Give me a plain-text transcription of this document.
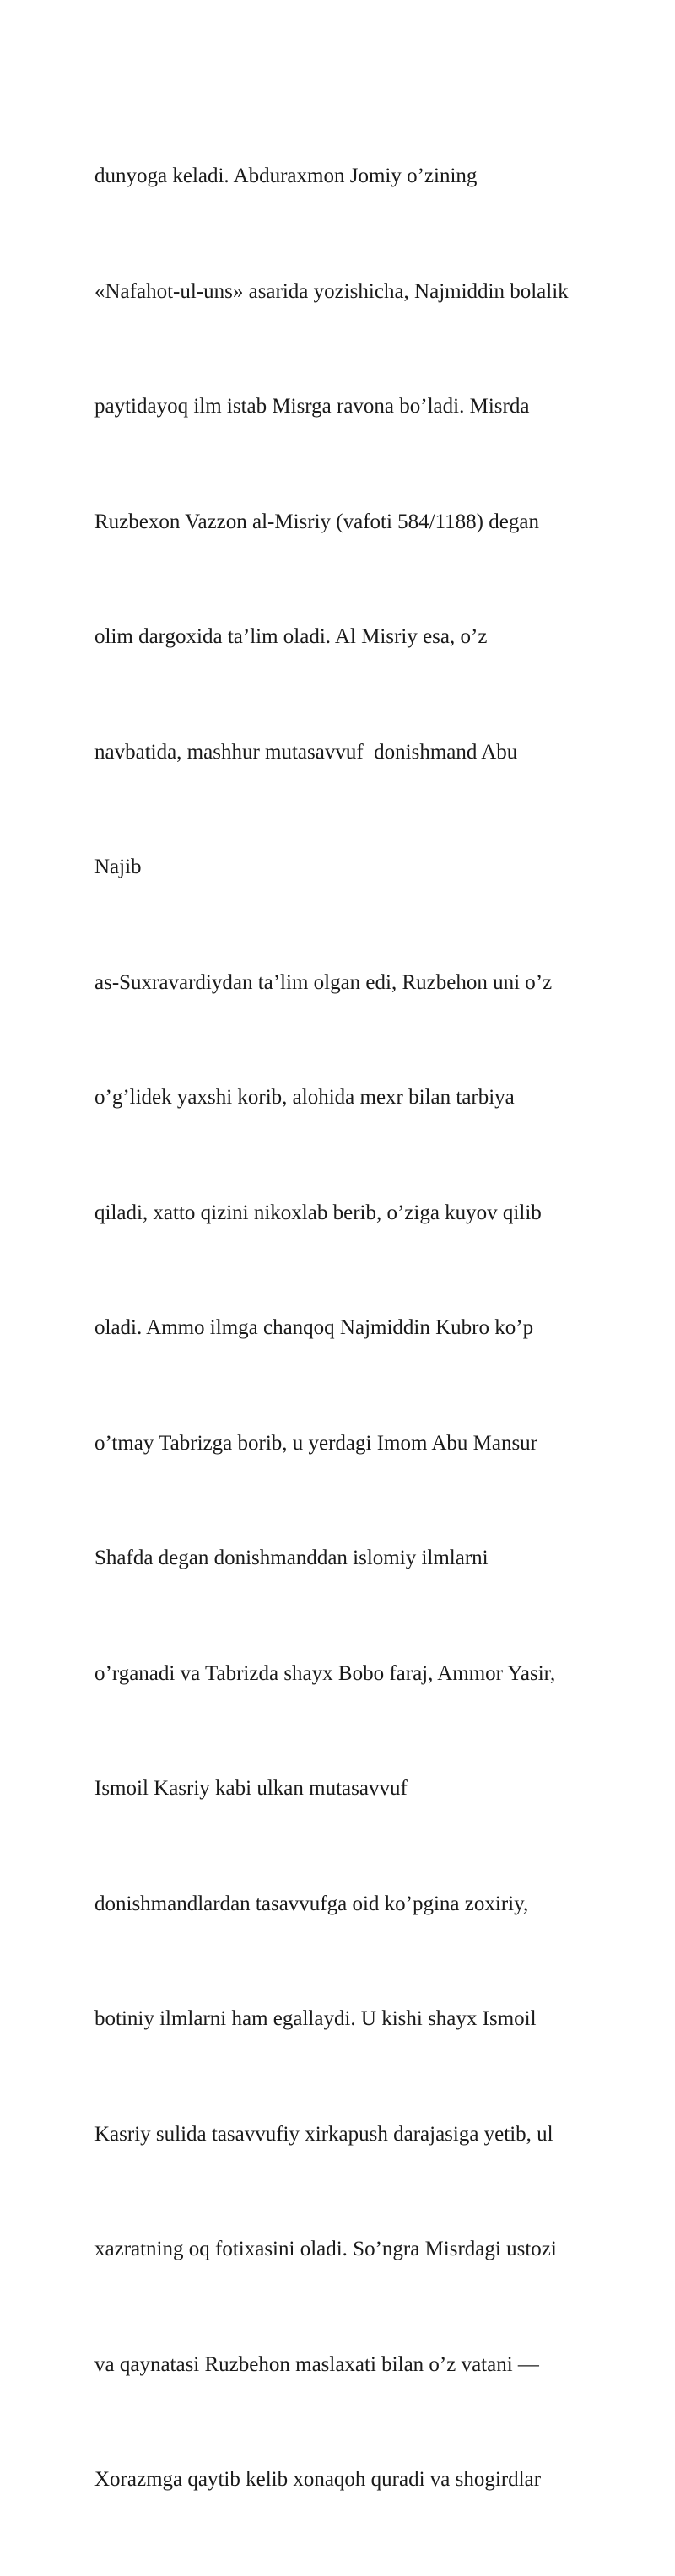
dunyoga keladi. Abduraxmon Jomiy o’zining

«Nafahot-ul-uns» asarida yozishicha, Najmiddin bolalik

paytidayoq ilm istab Misrga ravona bo’ladi. Misrda

Ruzbexon Vazzon al-Misriy (vafoti 584/1188) degan

olim dargoxida ta’lim oladi. Al Misriy esa, o’z

navbatida, mashhur mutasavvuf  donishmand Abu

Najib

as-Suxravardiydan ta’lim olgan edi, Ruzbehon uni o’z

o’g’lidek yaxshi korib, alohida mexr bilan tarbiya

qiladi, xatto qizini nikoxlab berib, o’ziga kuyov qilib

oladi. Ammo ilmga chanqoq Najmiddin Kubro ko’p

o’tmay Tabrizga borib, u yerdagi Imom Abu Mansur

Shafda degan donishmanddan islomiy ilmlarni

o’rganadi va Tabrizda shayx Bobo faraj, Ammor Yasir,

Ismoil Kasriy kabi ulkan mutasavvuf

donishmandlardan tasavvufga oid ko’pgina zoxiriy,

botiniy ilmlarni ham egallaydi. U kishi shayx Ismoil

Kasriy sulida tasavvufiy xirkapush darajasiga yetib, ul

xazratning oq fotixasini oladi. So’ngra Misrdagi ustozi

va qaynatasi Ruzbehon maslaxati bilan o’z vatani —

Xorazmga qaytib kelib xonaqoh quradi va shogirdlar
